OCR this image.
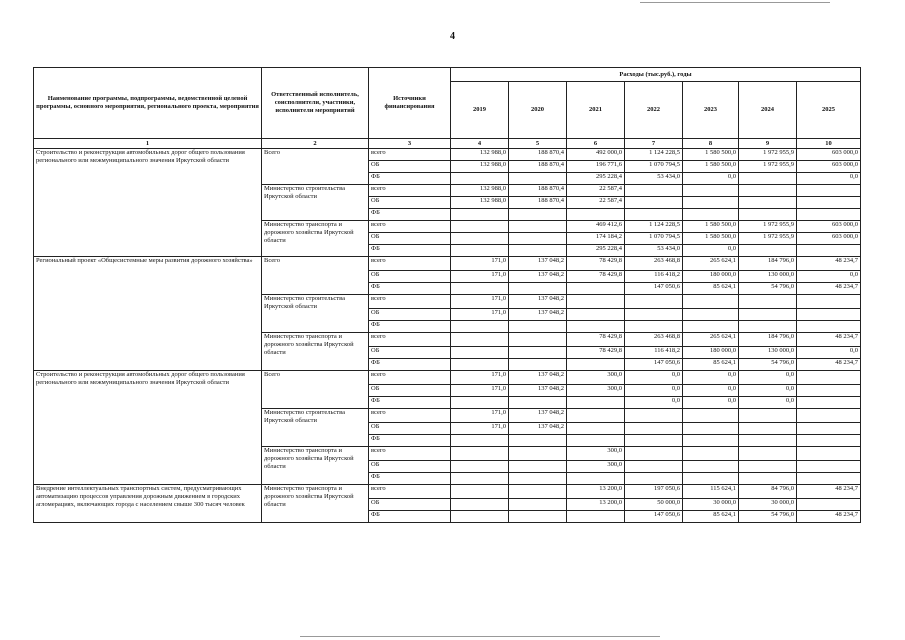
4
Наименование программы, подпрограммы, ведомственной целевой программы, основного мероприятия, регионального проекта, мероприятия	Ответственный исполнитель, соисполнители, участники, исполнители мероприятий	Источники финансирования	Расходы (тыс.руб.), годы						
			2019	2020	2021	2022	2023	2024	2025
1	2	3	4	5	6	7	8	9	10
Строительство и реконструкция автомобильных дорог общего пользования регионального или межмуниципального значения Иркутской области	Всего	всего	132 988,0	188 870,4	492 000,0	1 124 228,5	1 580 500,0	1 972 955,9	603 000,0
		ОБ	132 988,0	188 870,4	196 771,6	1 070 794,5	1 580 500,0	1 972 955,9	603 000,0
		ФБ			295 228,4	53 434,0	0,0		0,0
	Министерство строительства Иркутской области	всего	132 988,0	188 870,4	22 587,4				
		ОБ	132 988,0	188 870,4	22 587,4				
		ФБ							
	Министерство транспорта и дорожного хозяйства Иркутской области	всего			469 412,6	1 124 228,5	1 580 500,0	1 972 955,9	603 000,0
		ОБ			174 184,2	1 070 794,5	1 580 500,0	1 972 955,9	603 000,0
		ФБ			295 228,4	53 434,0	0,0		
Региональный проект «Общесистемные меры развития дорожного хозяйства»	Всего	всего	171,0	137 048,2	78 429,8	263 468,8	265 624,1	184 796,0	48 234,7
		ОБ	171,0	137 048,2	78 429,8	116 418,2	180 000,0	130 000,0	0,0
		ФБ				147 050,6	85 624,1	54 796,0	48 234,7
	Министерство строительства Иркутской области	всего	171,0	137 048,2					
		ОБ	171,0	137 048,2					
		ФБ							
	Министерство транспорта и дорожного хозяйства Иркутской области	всего			78 429,8	263 468,8	265 624,1	184 796,0	48 234,7
		ОБ			78 429,8	116 418,2	180 000,0	130 000,0	0,0
		ФБ				147 050,6	85 624,1	54 796,0	48 234,7
Строительство и реконструкция автомобильных дорог общего пользования регионального или межмуниципального значения Иркутской области	Всего	всего	171,0	137 048,2	300,0	0,0	0,0	0,0	
		ОБ	171,0	137 048,2	300,0	0,0	0,0	0,0	
		ФБ				0,0	0,0	0,0	
	Министерство строительства Иркутской области	всего	171,0	137 048,2					
		ОБ	171,0	137 048,2					
		ФБ							
	Министерство транспорта и дорожного хозяйства Иркутской области	всего			300,0				
		ОБ			300,0				
		ФБ							
Внедрение интеллектуальных транспортных систем, предусматривающих автоматизацию процессов управления дорожным движением в городских агломерациях, включающих города с населением свыше 300 тысяч человек	Министерство транспорта и дорожного хозяйства Иркутской области	всего			13 200,0	197 050,6	115 624,1	84 796,0	48 234,7
		ОБ			13 200,0	50 000,0	30 000,0	30 000,0	
		ФБ				147 050,6	85 624,1	54 796,0	48 234,7
